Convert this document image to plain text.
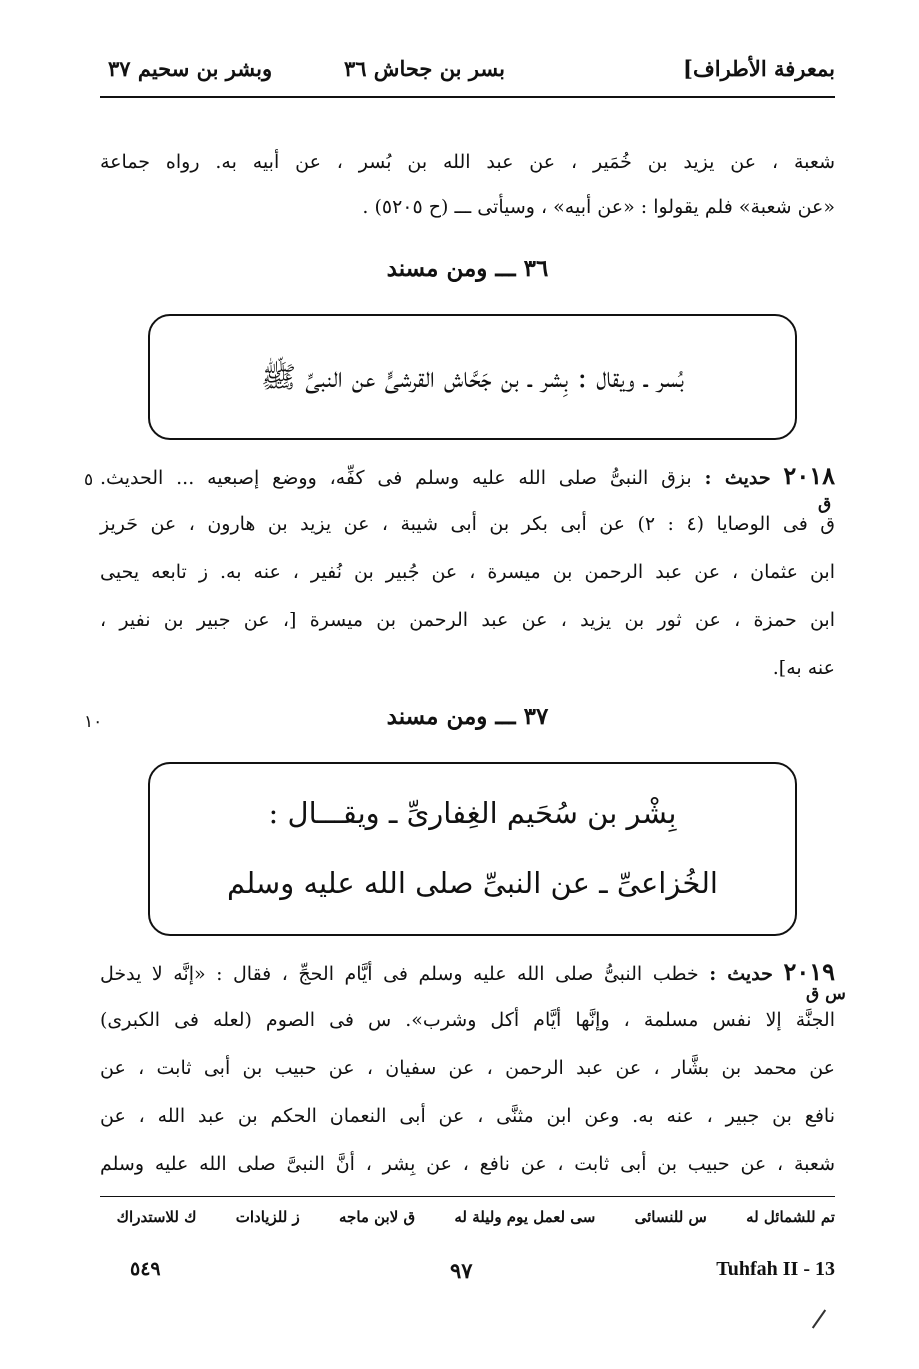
بمعرفة الأطراف]
بسر بن جحاش ٣٦
وبشر بن سحيم ٣٧
شعبة ، عن يزيد بن خُمَير ، عن عبد الله بن بُسر ، عن أبيه به. رواه جماعة
«عن شعبة» فلم يقولوا : «عن أبيه» ، وسيأتى ـــ (ح ٥٢٠٥) .
٣٦ ـــ ومن مسند
بُسر ـ ويقال : بِشر ـ بن جَحَّاش القرشىٍّ عن النبىِّ ﷺ
٢٠١٨ حديث : بزق النبىُّ صلى الله عليه وسلم فى كفِّه، ووضع إصبعيه ... الحديث.
ق فى الوصايا (٤ : ٢) عن أبى بكر بن أبى شيبة ، عن يزيد بن هارون ، عن حَريز
ابن عثمان ، عن عبد الرحمن بن ميسرة ، عن جُبير بن نُفير ، عنه به. ز تابعه يحيى
ابن حمزة ، عن ثور بن يزيد ، عن عبد الرحمن بن ميسرة [، عن جبير بن نفير ،
عنه به].
٥
ق
٣٧ ـــ ومن مسند
١٠
بِشْر بن سُحَيم الغِفارىِّ ـ ويقـــال :
الخُزاعىِّ ـ عن النبىِّ صلى الله عليه وسلم
٢٠١٩ حديث : خطب النبىُّ صلى الله عليه وسلم فى أيَّام الحجِّ ، فقال : «إنَّه لا يدخل
الجنَّة إلا نفس مسلمة ، وإنَّها أيَّام أكل وشرب». س فى الصوم (لعله فى الكبرى)
عن محمد بن بشَّار ، عن عبد الرحمن ، عن سفيان ، عن حبيب بن أبى ثابت ، عن
نافع بن جبير ، عنه به. وعن ابن مثنَّى ، عن أبى النعمان الحكم بن عبد الله ، عن
شعبة ، عن حبيب بن أبى ثابت ، عن نافع ، عن بِشر ، أنَّ النبىَّ صلى الله عليه وسلم
س ق
تم للشمائل له س للنسائى سى لعمل يوم وليلة له ق لابن ماجه ز للزيادات ك للاستدراك
Tuhfah II - 13
٩٧
٥٤٩
